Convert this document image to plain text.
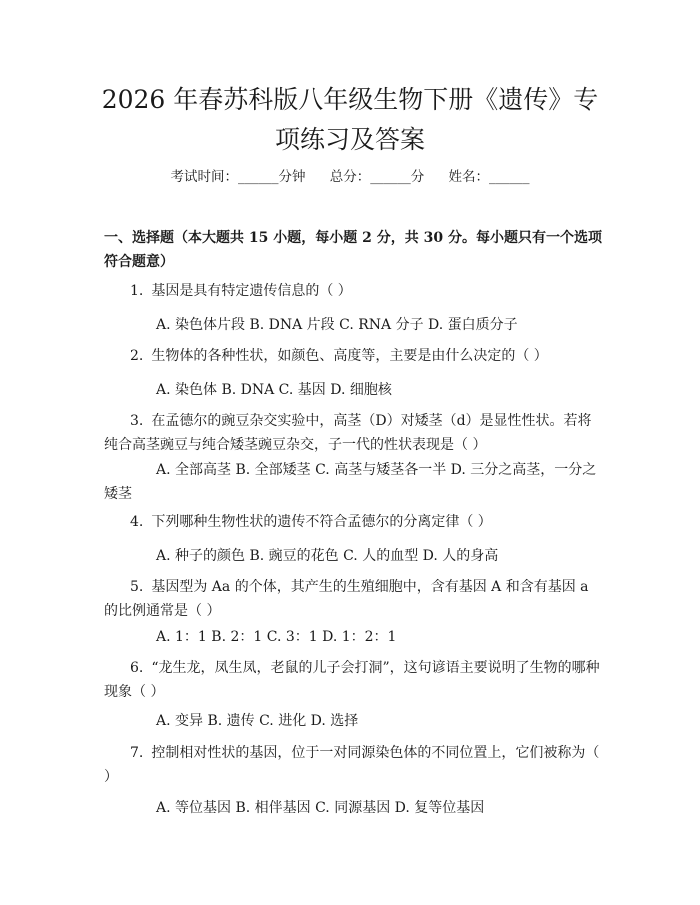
2026 年春苏科版八年级生物下册《遗传》专项练习及答案
考试时间：______分钟 总分：______分 姓名：______

一、选择题（本大题共 15 小题，每小题 2 分，共 30 分。每小题只有一个选项符合题意）

1. 基因是具有特定遗传信息的（ ）

A. 染色体片段 B. DNA 片段 C. RNA 分子 D. 蛋白质分子

2. 生物体的各种性状，如颜色、高度等，主要是由什么决定的（ ）

A. 染色体 B. DNA C. 基因 D. 细胞核

3. 在孟德尔的豌豆杂交实验中，高茎（D）对矮茎（d）是显性性状。若将纯合高茎豌豆与纯合矮茎豌豆杂交，子一代的性状表现是（ ）

A. 全部高茎 B. 全部矮茎 C. 高茎与矮茎各一半 D. 三分之高茎，一分之矮茎

4. 下列哪种生物性状的遗传不符合孟德尔的分离定律（ ）

A. 种子的颜色 B. 豌豆的花色 C. 人的血型 D. 人的身高

5. 基因型为 Aa 的个体，其产生的生殖细胞中，含有基因 A 和含有基因 a 的比例通常是（ ）

A. 1：1 B. 2：1 C. 3：1 D. 1：2：1

6. “龙生龙，凤生凤，老鼠的儿子会打洞”，这句谚语主要说明了生物的哪种现象（ ）

A. 变异 B. 遗传 C. 进化 D. 选择

7. 控制相对性状的基因，位于一对同源染色体的不同位置上，它们被称为（ ）

A. 等位基因 B. 相伴基因 C. 同源基因 D. 复等位基因
